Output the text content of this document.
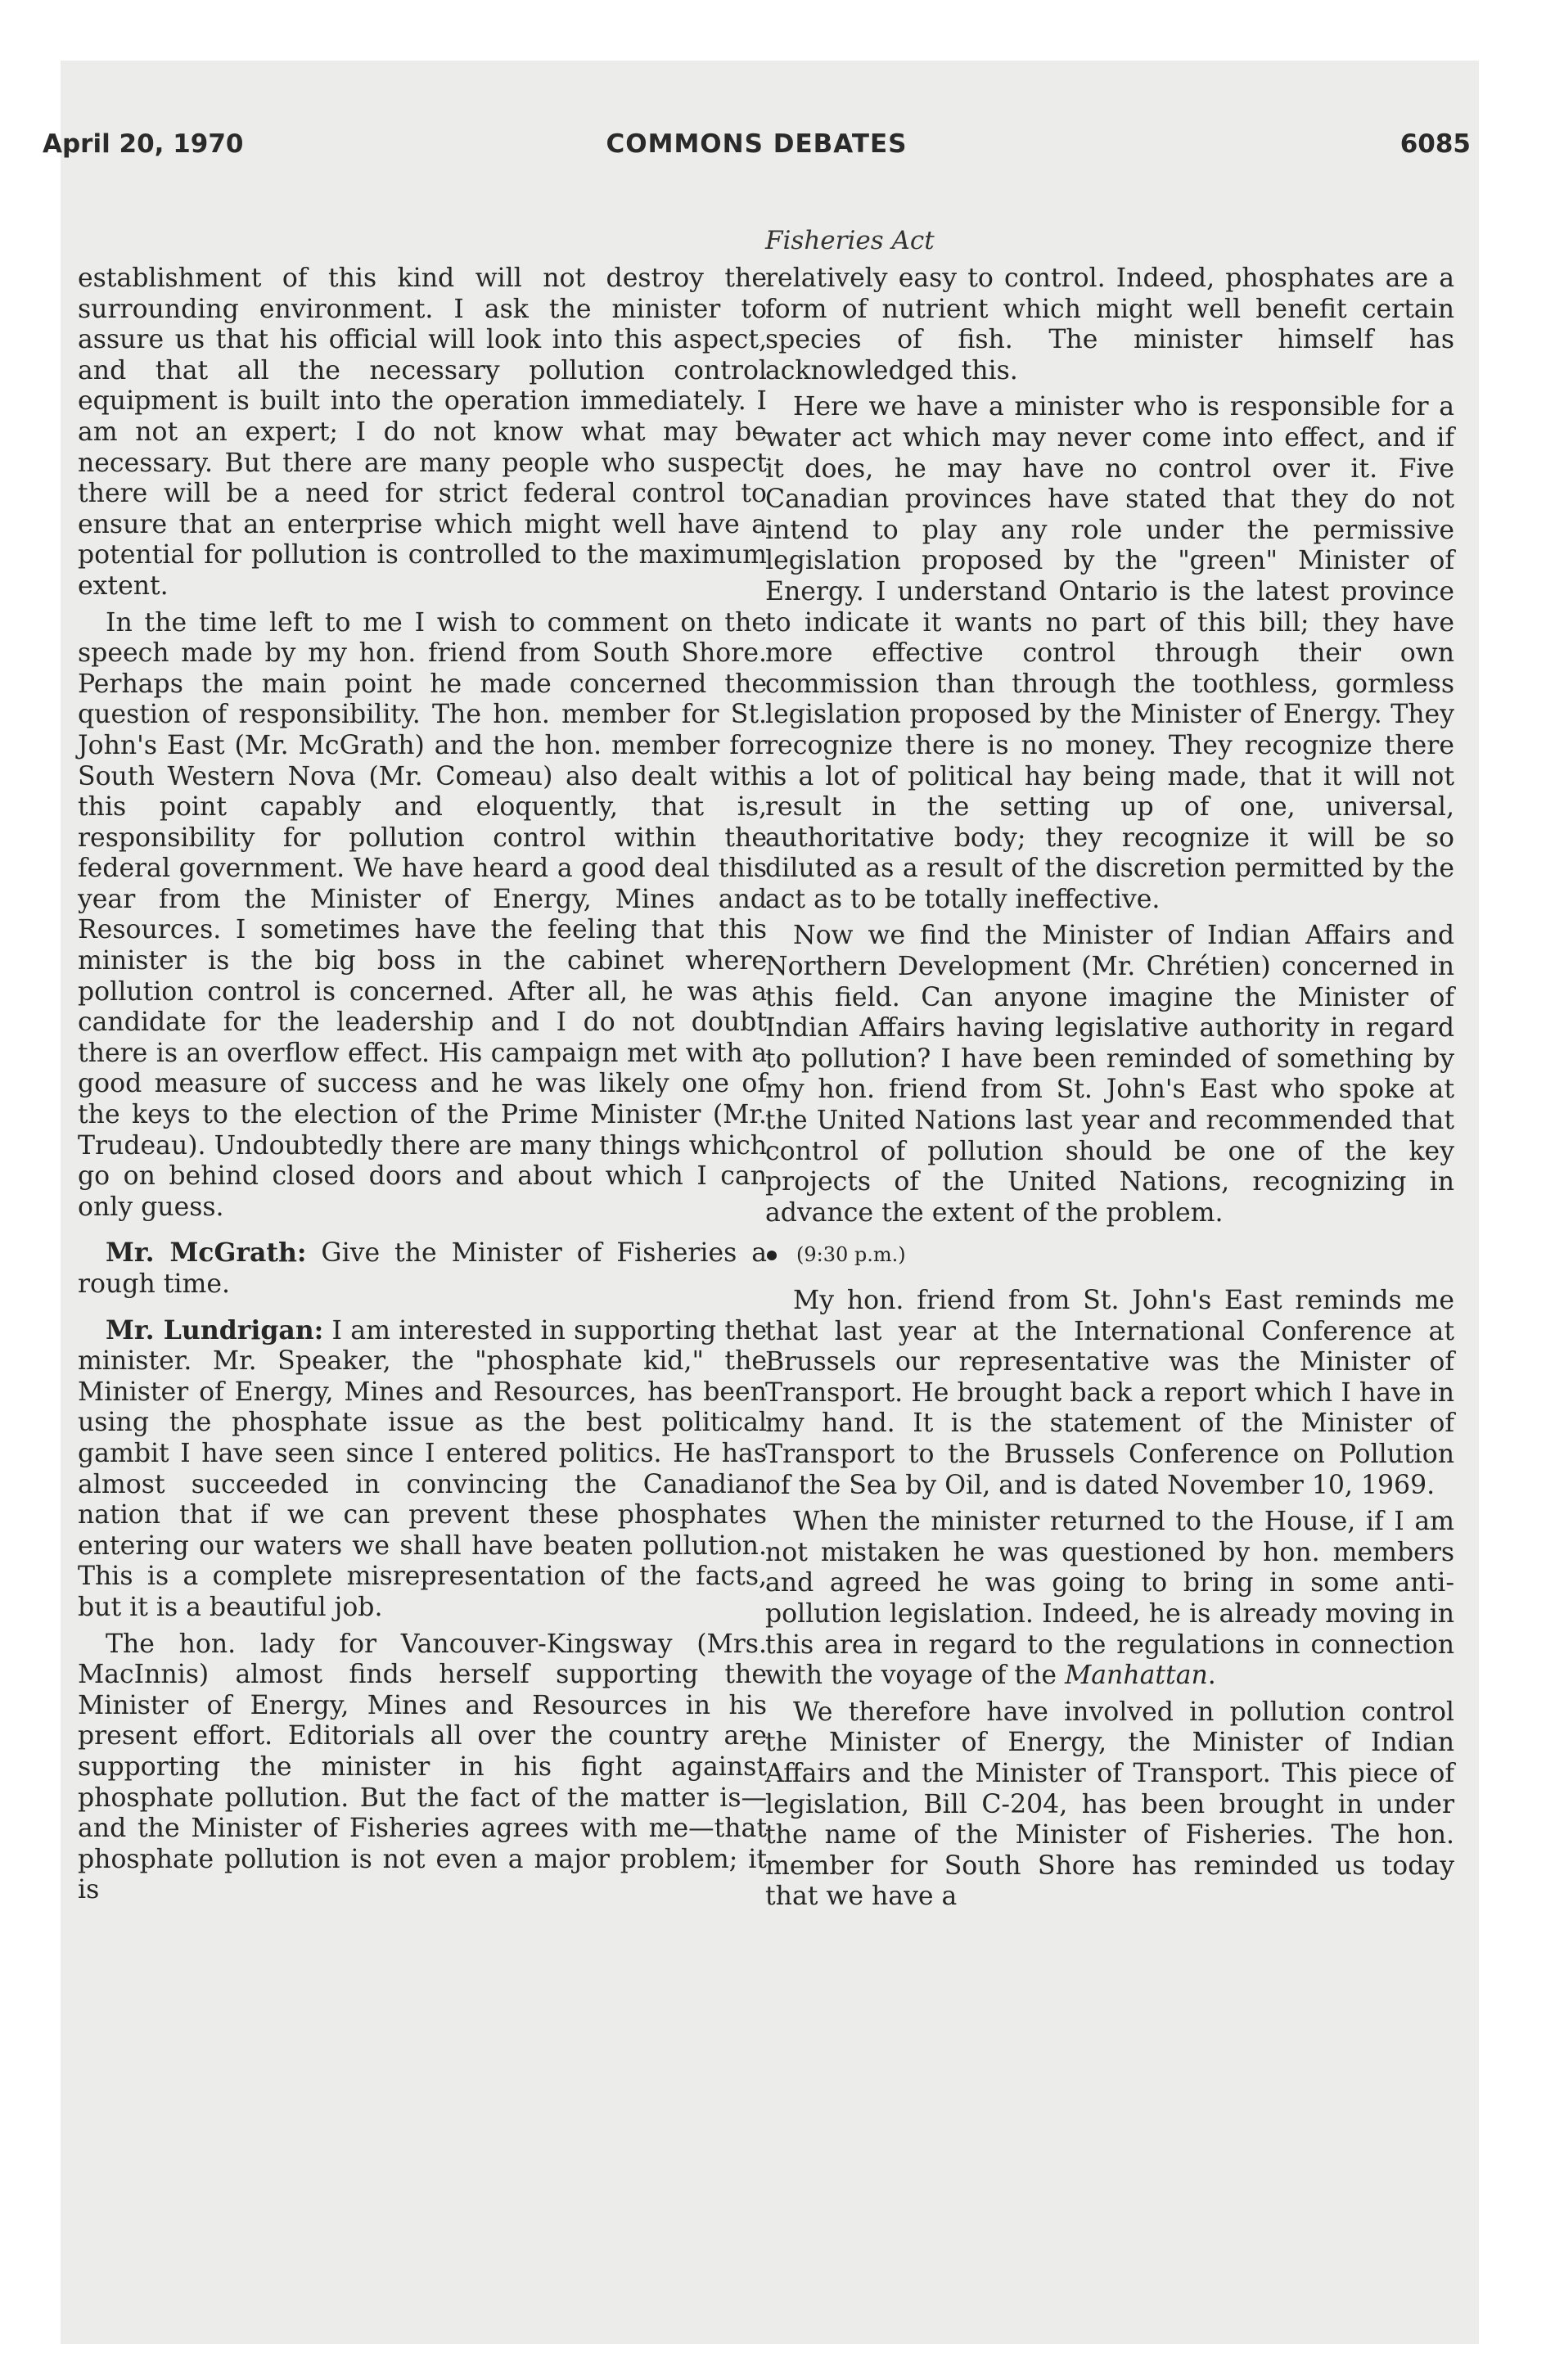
April 20, 1970	COMMONS DEBATES	6085
Fisheries Act

establishment of this kind will not destroy the surrounding environment. I ask the minister to assure us that his official will look into this aspect, and that all the necessary pollution control equipment is built into the operation immediately. I am not an expert; I do not know what may be necessary. But there are many people who suspect there will be a need for strict federal control to ensure that an enterprise which might well have a potential for pollution is controlled to the maximum extent.

In the time left to me I wish to comment on the speech made by my hon. friend from South Shore. Perhaps the main point he made concerned the question of responsibility. The hon. member for St. John's East (Mr. McGrath) and the hon. member for South Western Nova (Mr. Comeau) also dealt with this point capably and eloquently, that is, responsibility for pollution control within the federal government. We have heard a good deal this year from the Minister of Energy, Mines and Resources. I sometimes have the feeling that this minister is the big boss in the cabinet where pollution control is concerned. After all, he was a candidate for the leadership and I do not doubt there is an overflow effect. His campaign met with a good measure of success and he was likely one of the keys to the election of the Prime Minister (Mr. Trudeau). Undoubtedly there are many things which go on behind closed doors and about which I can only guess.

Mr. McGrath: Give the Minister of Fisheries a rough time.

Mr. Lundrigan: I am interested in supporting the minister. Mr. Speaker, the "phosphate kid," the Minister of Energy, Mines and Resources, has been using the phosphate issue as the best political gambit I have seen since I entered politics. He has almost succeeded in convincing the Canadian nation that if we can prevent these phosphates entering our waters we shall have beaten pollution. This is a complete misrepresentation of the facts, but it is a beautiful job.

The hon. lady for Vancouver-Kingsway (Mrs. MacInnis) almost finds herself supporting the Minister of Energy, Mines and Resources in his present effort. Editorials all over the country are supporting the minister in his fight against phosphate pollution. But the fact of the matter is—and the Minister of Fisheries agrees with me—that phosphate pollution is not even a major problem; it is

relatively easy to control. Indeed, phosphates are a form of nutrient which might well benefit certain species of fish. The minister himself has acknowledged this.

Here we have a minister who is responsible for a water act which may never come into effect, and if it does, he may have no control over it. Five Canadian provinces have stated that they do not intend to play any role under the permissive legislation proposed by the "green" Minister of Energy. I understand Ontario is the latest province to indicate it wants no part of this bill; they have more effective control through their own commission than through the toothless, gormless legislation proposed by the Minister of Energy. They recognize there is no money. They recognize there is a lot of political hay being made, that it will not result in the setting up of one, universal, authoritative body; they recognize it will be so diluted as a result of the discretion permitted by the act as to be totally ineffective.

Now we find the Minister of Indian Affairs and Northern Development (Mr. Chrétien) concerned in this field. Can anyone imagine the Minister of Indian Affairs having legislative authority in regard to pollution? I have been reminded of something by my hon. friend from St. John's East who spoke at the United Nations last year and recommended that control of pollution should be one of the key projects of the United Nations, recognizing in advance the extent of the problem.

(9:30 p.m.)

My hon. friend from St. John's East reminds me that last year at the International Conference at Brussels our representative was the Minister of Transport. He brought back a report which I have in my hand. It is the statement of the Minister of Transport to the Brussels Conference on Pollution of the Sea by Oil, and is dated November 10, 1969.

When the minister returned to the House, if I am not mistaken he was questioned by hon. members and agreed he was going to bring in some anti-pollution legislation. Indeed, he is already moving in this area in regard to the regulations in connection with the voyage of the Manhattan.

We therefore have involved in pollution control the Minister of Energy, the Minister of Indian Affairs and the Minister of Transport. This piece of legislation, Bill C-204, has been brought in under the name of the Minister of Fisheries. The hon. member for South Shore has reminded us today that we have a
